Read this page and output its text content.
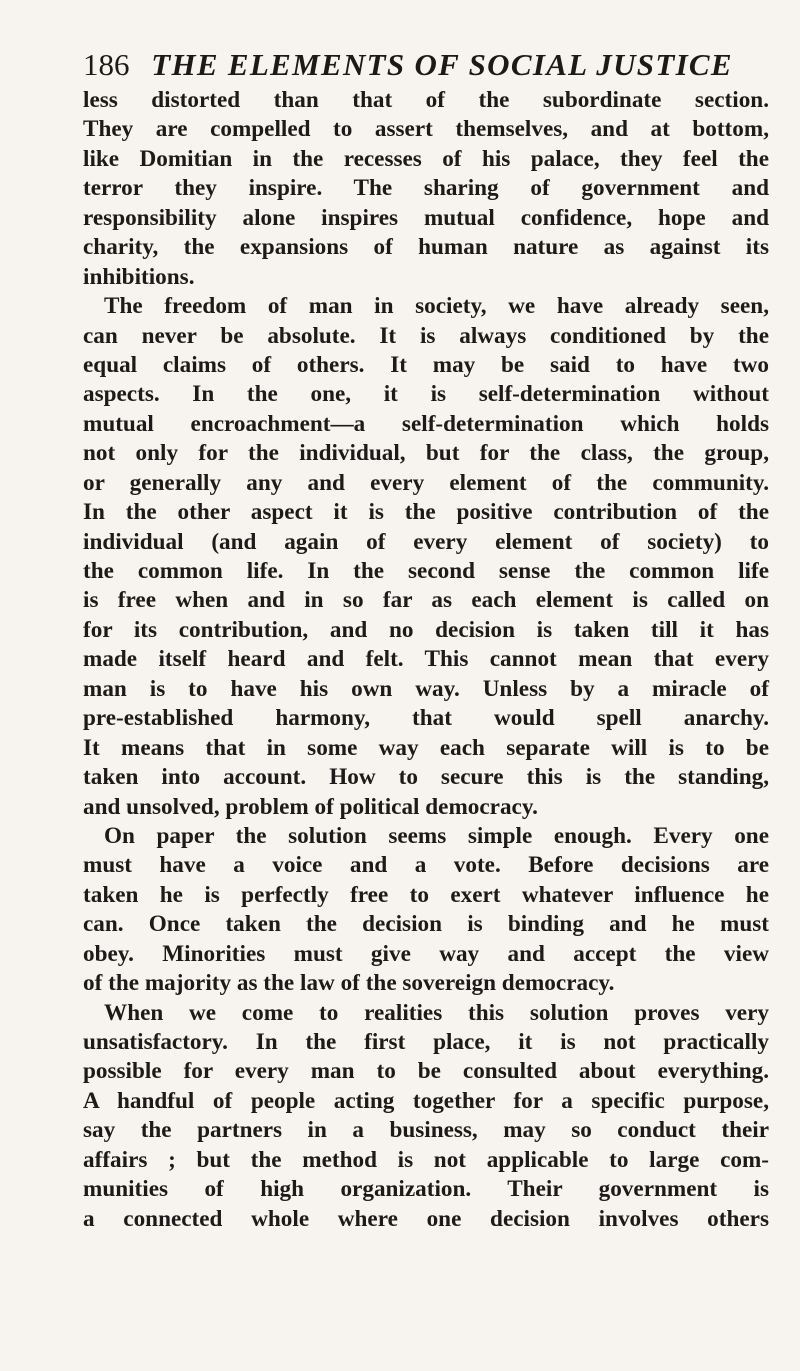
186 THE ELEMENTS OF SOCIAL JUSTICE
less distorted than that of the subordinate section.
They are compelled to assert themselves, and at bottom,
like Domitian in the recesses of his palace, they feel the
terror they inspire. The sharing of government and
responsibility alone inspires mutual confidence, hope and
charity, the expansions of human nature as against its
inhibitions.
The freedom of man in society, we have already seen,
can never be absolute. It is always conditioned by the
equal claims of others. It may be said to have two
aspects. In the one, it is self-determination without
mutual encroachment—a self-determination which holds
not only for the individual, but for the class, the group,
or generally any and every element of the community.
In the other aspect it is the positive contribution of the
individual (and again of every element of society) to
the common life. In the second sense the common life
is free when and in so far as each element is called on
for its contribution, and no decision is taken till it has
made itself heard and felt. This cannot mean that every
man is to have his own way. Unless by a miracle of
pre-established harmony, that would spell anarchy.
It means that in some way each separate will is to be
taken into account. How to secure this is the standing,
and unsolved, problem of political democracy.
On paper the solution seems simple enough. Every one
must have a voice and a vote. Before decisions are
taken he is perfectly free to exert whatever influence he
can. Once taken the decision is binding and he must
obey. Minorities must give way and accept the view
of the majority as the law of the sovereign democracy.
When we come to realities this solution proves very
unsatisfactory. In the first place, it is not practically
possible for every man to be consulted about everything.
A handful of people acting together for a specific purpose,
say the partners in a business, may so conduct their
affairs ; but the method is not applicable to large com-
munities of high organization. Their government is
a connected whole where one decision involves others
